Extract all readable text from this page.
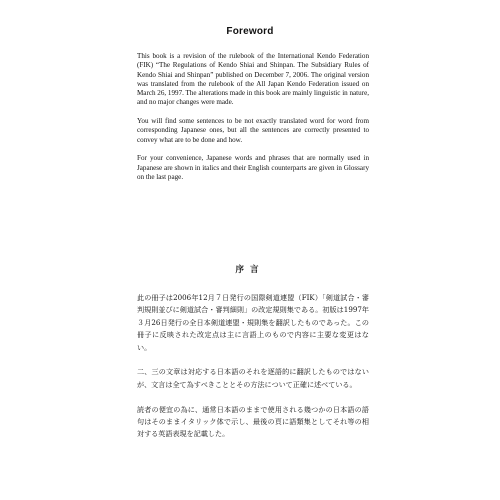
Foreword

This book is a revision of the rulebook of the International Kendo Federation (FIK) “The Regulations of Kendo Shiai and Shinpan. The Subsidiary Rules of Kendo Shiai and Shinpan” published on December 7, 2006. The original version was translated from the rulebook of the All Japan Kendo Federation issued on March 26, 1997. The alterations made in this book are mainly linguistic in nature, and no major changes were made.

You will find some sentences to be not exactly translated word for word from corresponding Japanese ones, but all the sentences are correctly presented to convey what are to be done and how.

For your convenience, Japanese words and phrases that are normally used in Japanese are shown in italics and their English counterparts are given in Glossary on the last page.

序言

此の冊子は2006年12月７日発行の国際剣道連盟（FIK）「剣道試合・審判規則並びに剣道試合・審判細則」の改定規則集である。初版は1997年３月26日発行の全日本剣道連盟・規則集を翻訳したものであった。この冊子に反映された改定点は主に言語上のもので内容に主要な変更はない。

二、三の文章は対応する日本語のそれを逐語的に翻訳したものではないが、文言は全て為すべきこととその方法について正確に述べている。

読者の便宜の為に、通常日本語のままで使用される幾つかの日本語の語句はそのままイタリック体で示し、最後の頁に語類集としてそれ等の相対する英語表現を記載した。
